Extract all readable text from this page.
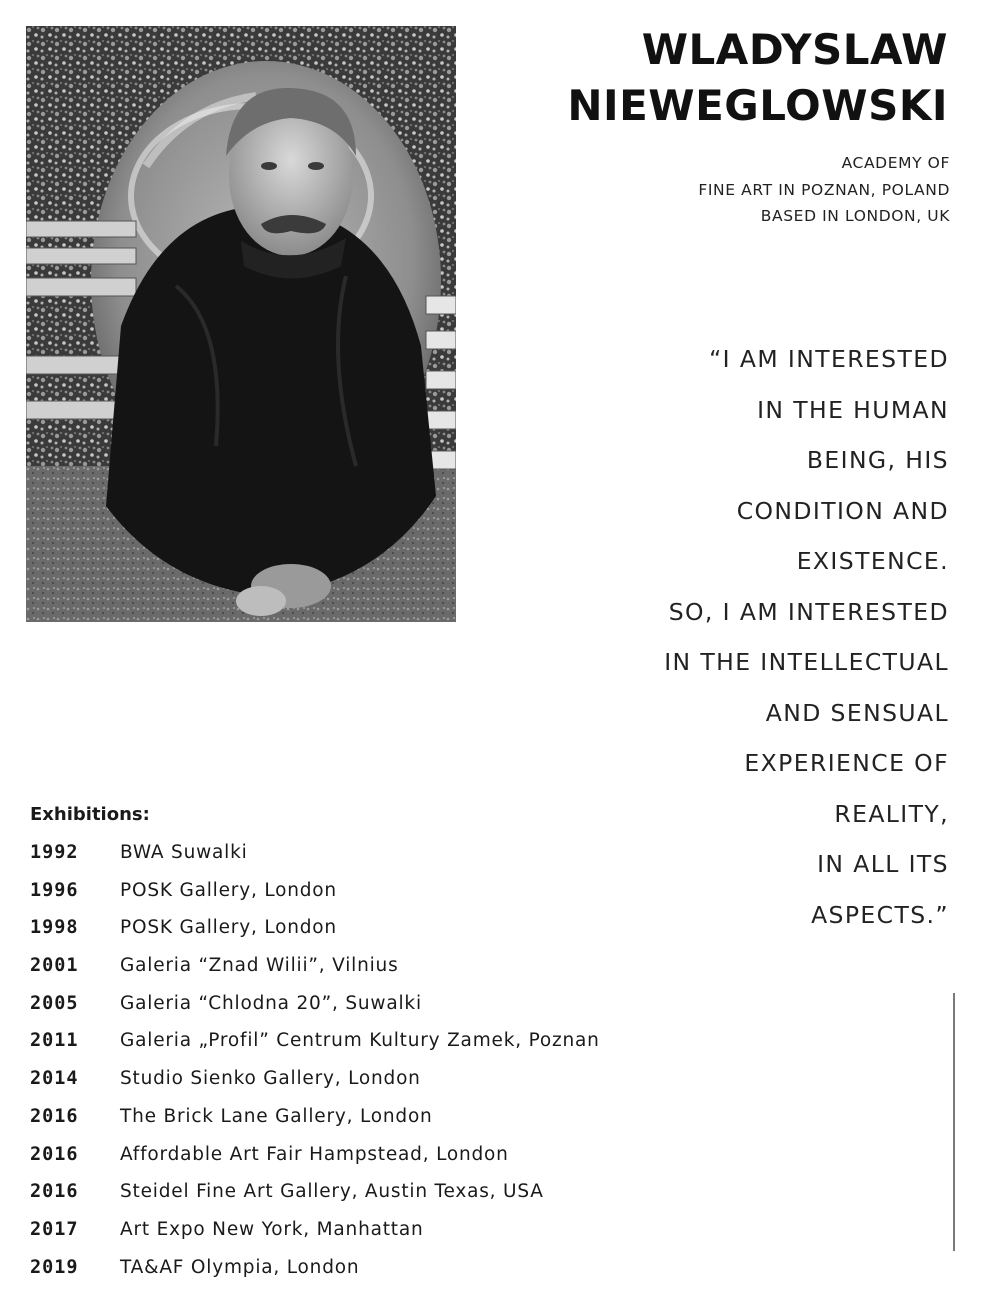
WLADYSLAW
NIEWEGLOWSKI
ACADEMY OF
FINE ART IN POZNAN, POLAND
BASED IN LONDON, UK
“I AM INTERESTED
IN THE HUMAN
BEING, HIS
CONDITION AND
EXISTENCE.
SO, I AM INTERESTED
IN THE INTELLECTUAL
AND SENSUAL
EXPERIENCE OF
REALITY,
IN ALL ITS
ASPECTS.”
Exhibitions:
1992	BWA Suwalki
1996	POSK Gallery, London
1998	POSK Gallery, London
2001	Galeria “Znad Wilii”, Vilnius
2005	Galeria “Chlodna 20”, Suwalki
2011	Galeria „Profil” Centrum Kultury Zamek, Poznan
2014	Studio Sienko Gallery, London
2016	The Brick Lane Gallery, London
2016	Affordable Art Fair Hampstead, London
2016	Steidel Fine Art Gallery, Austin Texas, USA
2017	Art Expo New York, Manhattan
2019	TA&AF Olympia, London
